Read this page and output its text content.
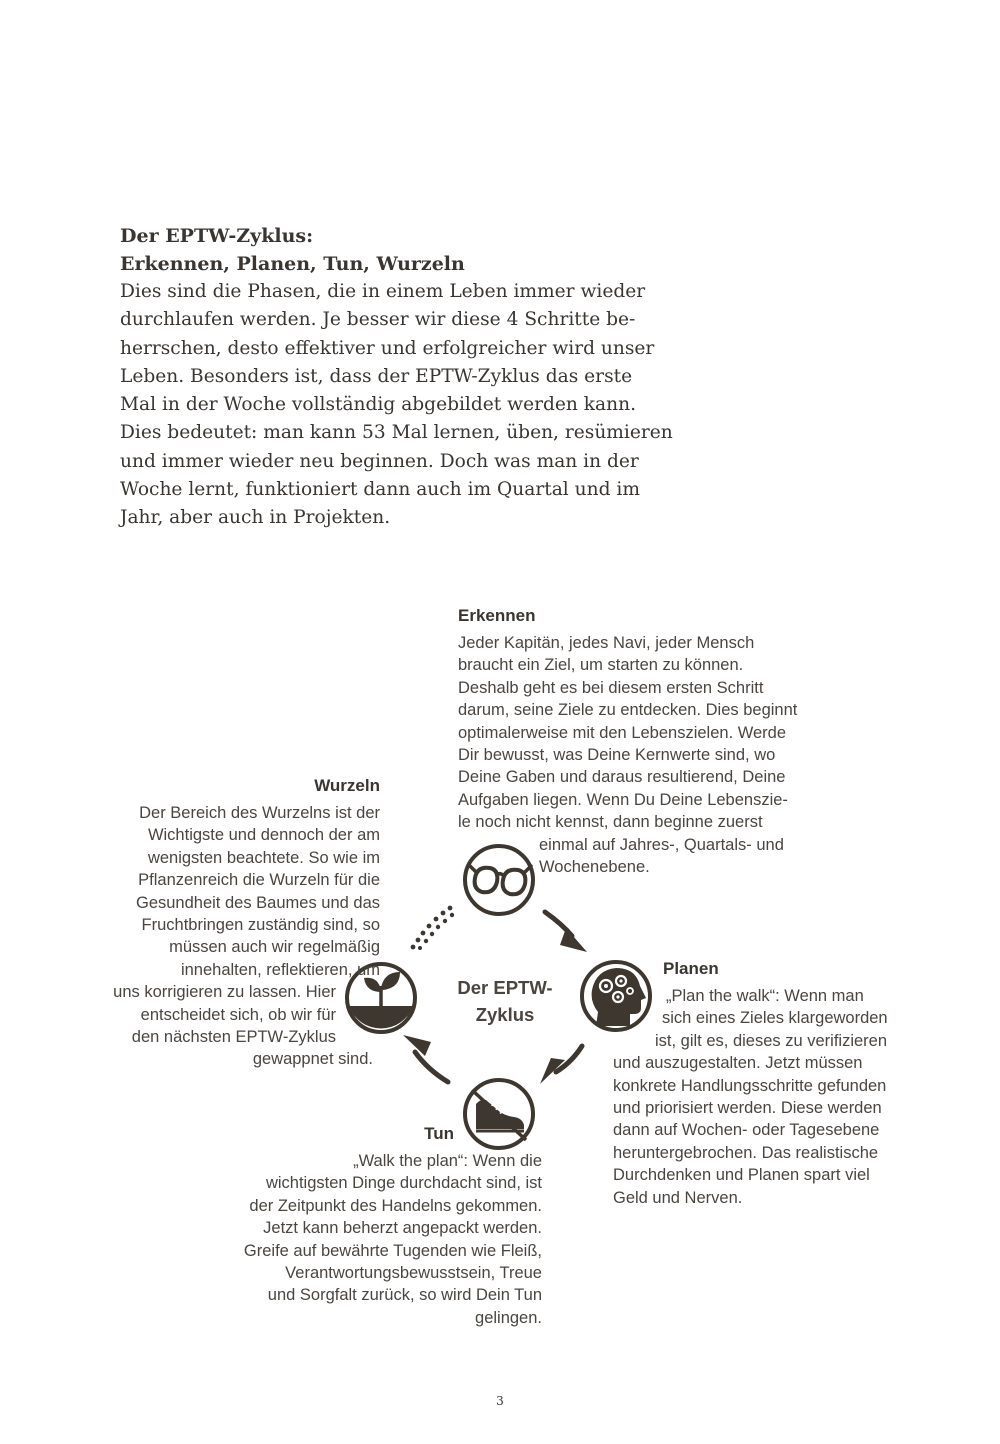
Der EPTW-Zyklus:

Erkennen, Planen, Tun, Wurzeln

Dies sind die Phasen, die in einem Leben immer wieder
durchlaufen werden. Je besser wir diese 4 Schritte be-
herrschen, desto effektiver und erfolgreicher wird unser
Leben. Besonders ist, dass der EPTW-Zyklus das erste
Mal in der Woche vollständig abgebildet werden kann.
Dies bedeutet: man kann 53 Mal lernen, üben, resümieren
und immer wieder neu beginnen. Doch was man in der
Woche lernt, funktioniert dann auch im Quartal und im
Jahr, aber auch in Projekten.

Der EPTW-
Zyklus
Erkennen
Jeder Kapitän, jedes Navi, jeder Mensch
braucht ein Ziel, um starten zu können.
Deshalb geht es bei diesem ersten Schritt
darum, seine Ziele zu entdecken. Dies beginnt
optimalerweise mit den Lebenszielen. Werde
Dir bewusst, was Deine Kernwerte sind, wo
Deine Gaben und daraus resultierend, Deine
Aufgaben liegen. Wenn Du Deine Lebenszie-
le noch nicht kennst, dann beginne zuerst
einmal auf Jahres-, Quartals- und
Wochenebene.
Wurzeln
Der Bereich des Wurzelns ist der
Wichtigste und dennoch der am
wenigsten beachtete. So wie im
Pflanzenreich die Wurzeln für die
Gesundheit des Baumes und das
Fruchtbringen zuständig sind, so
müssen auch wir regelmäßig
innehalten, reflektieren, um
uns korrigieren zu lassen. Hier
entscheidet sich, ob wir für
den nächsten EPTW-Zyklus
gewappnet sind.
Planen
„Plan the walk“: Wenn man
sich eines Zieles klargeworden
ist, gilt es, dieses zu verifizieren
und auszugestalten. Jetzt müssen
konkrete Handlungsschritte gefunden
und priorisiert werden. Diese werden
dann auf Wochen- oder Tagesebene
heruntergebrochen. Das realistische
Durchdenken und Planen spart viel
Geld und Nerven.
Tun
„Walk the plan“: Wenn die
wichtigsten Dinge durchdacht sind, ist
der Zeitpunkt des Handelns gekommen.
Jetzt kann beherzt angepackt werden.
Greife auf bewährte Tugenden wie Fleiß,
Verantwortungsbewusstsein, Treue
und Sorgfalt zurück, so wird Dein Tun
gelingen.
3
